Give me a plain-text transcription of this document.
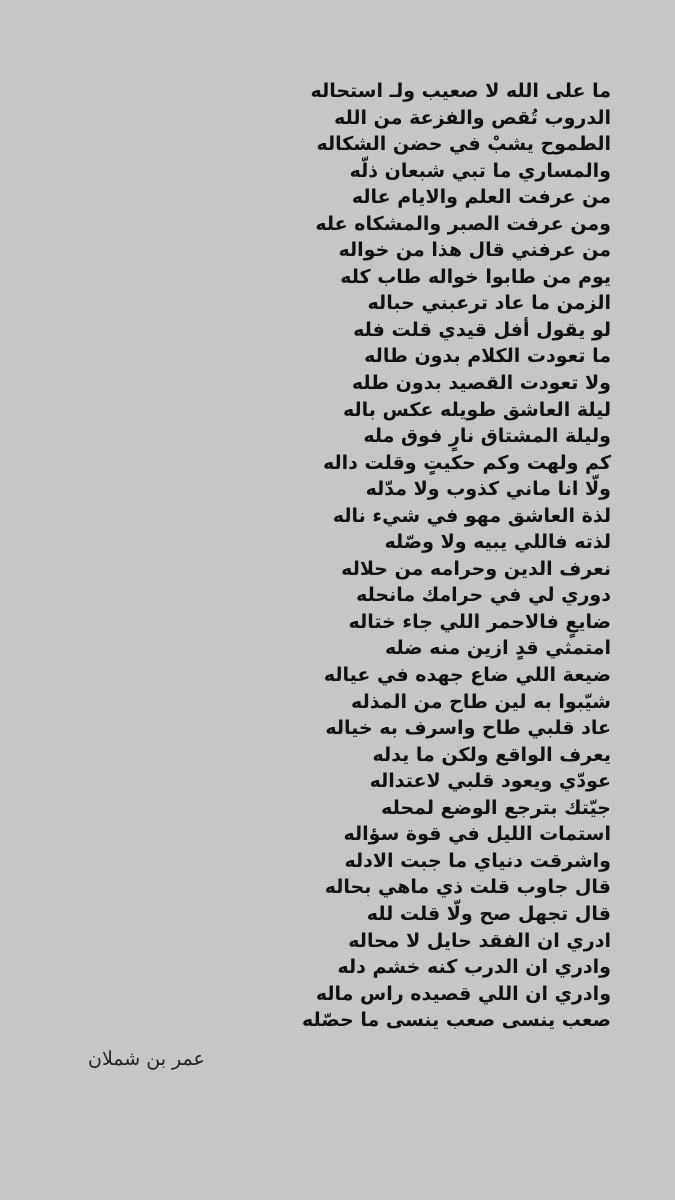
ما على الله لا صعيب ولـ استحاله
الدروب تُقص والفزعة من الله
الطموح يشبْ في حضن الشكاله
والمساري ما تبي شبعان ذلّه
من عرفت العلم والايام عاله
ومن عرفت الصبر والمشكاه عله
من عرفني قال هذا من خواله
يوم من طابوا خواله طاب كله
الزمن ما عاد ترعبني حباله
لو يقول أفل قيدي قلت فله
ما تعودت الكلام بدون طاله
ولا تعودت القصيد بدون طله
ليلة العاشق طويله عكس باله
وليلة المشتاق نارٍ فوق مله
كم ولهت وكم حكيتٍ وقلت داله
ولّا انا ماني كذوب ولا مدّله
لذة العاشق مهو في شيء ناله
لذته فاللي يبيه ولا وصّله
نعرف الدين وحرامه من حلاله
دوري لي في حرامك مانحله
ضايعٍ فالاحمر اللي جاء ختاله
امتمثي قدٍ ازين منه ضله
ضيعة اللي ضاع جهده في عياله
شيّبوا به لين طاح من المذله
عاد قلبي طاح واسرف به خياله
يعرف الواقع ولكن ما يدله
عودّي ويعود قلبي لاعتداله
جيّتك بترجع الوضع لمحله
استمات الليل في قوة سؤاله
واشرقت دنياي ما جبت الادله
قال جاوب قلت ذي ماهي بحاله
قال تجهل صح ولّا قلت لله
ادري ان الفقد حايل لا محاله
وادري ان الدرب كنه خشم دله
وادري ان اللي قصيده راس ماله
صعب ينسى صعب ينسى ما حصّله
عمر بن شملان
